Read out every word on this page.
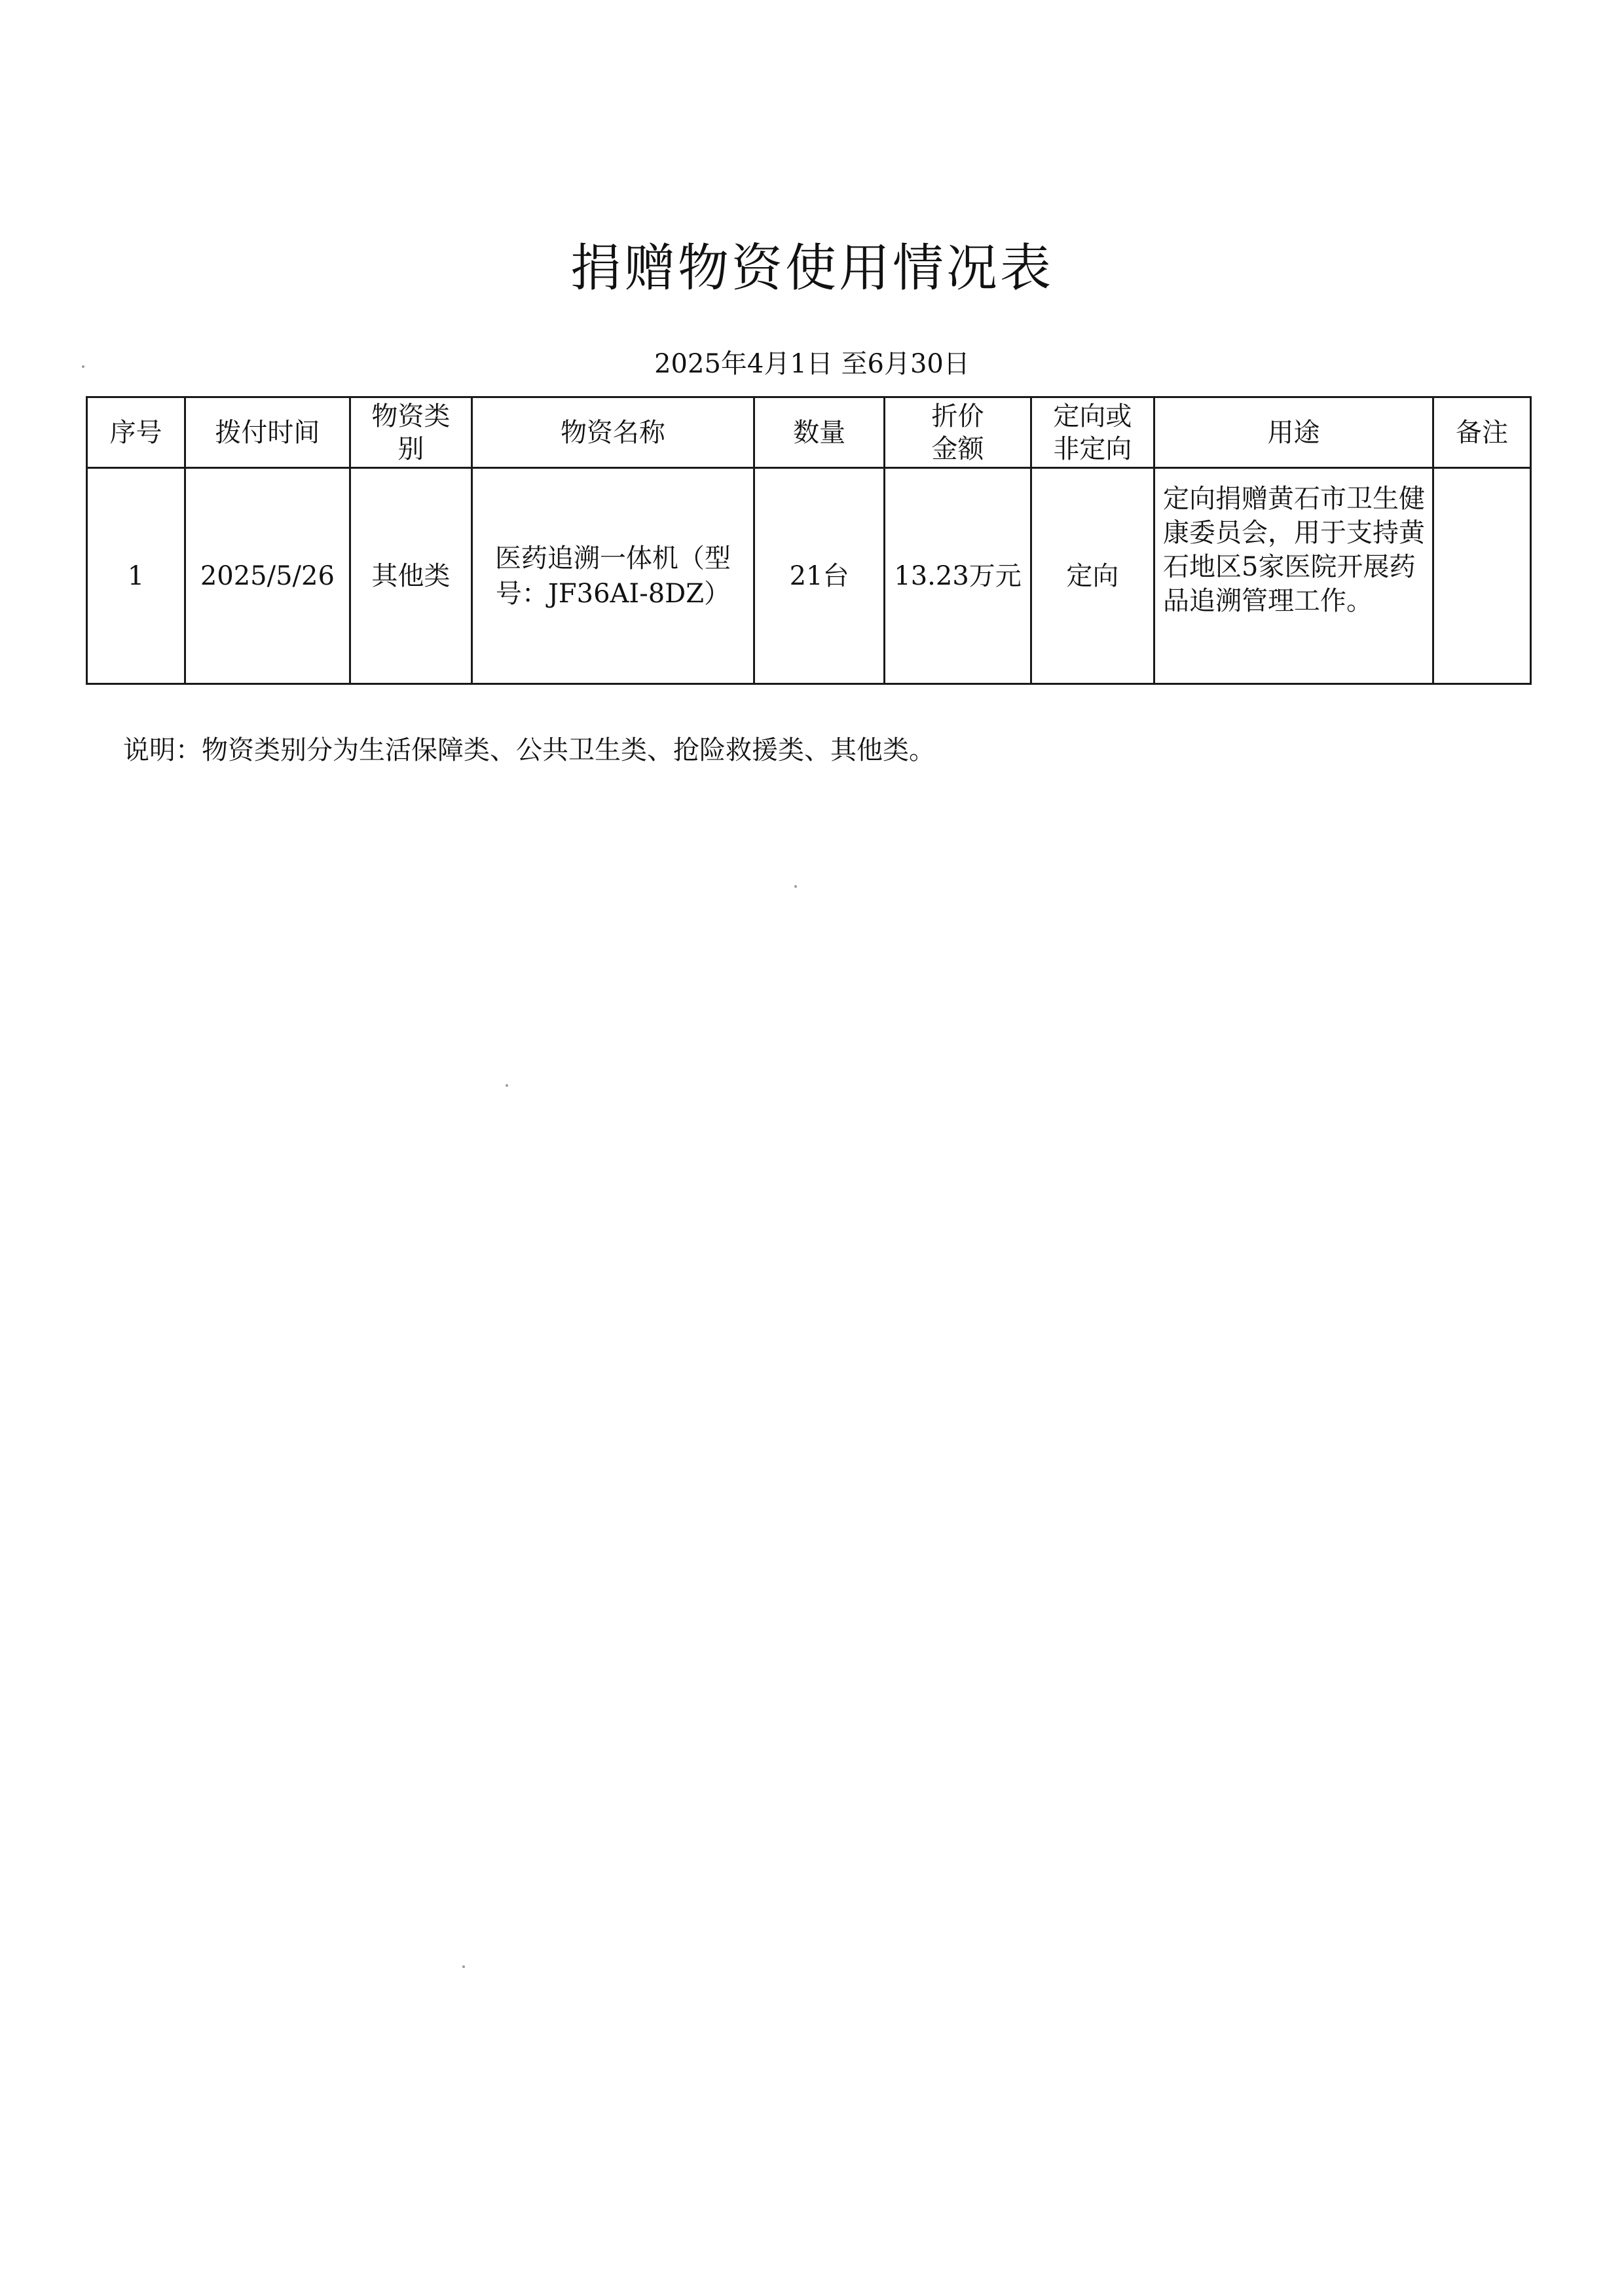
捐赠物资使用情况表
2025年4月1日 至6月30日
序号	拨付时间	物资类别	物资名称	数量	折价金额	定向或非定向	用途	备注
1	2025/5/26	其他类	医药追溯一体机（型号：JF36AI-8DZ）	21台	13.23万元	定向	定向捐赠黄石市卫生健康委员会，用于支持黄石地区5家医院开展药品追溯管理工作。	
说明：物资类别分为生活保障类、公共卫生类、抢险救援类、其他类。
